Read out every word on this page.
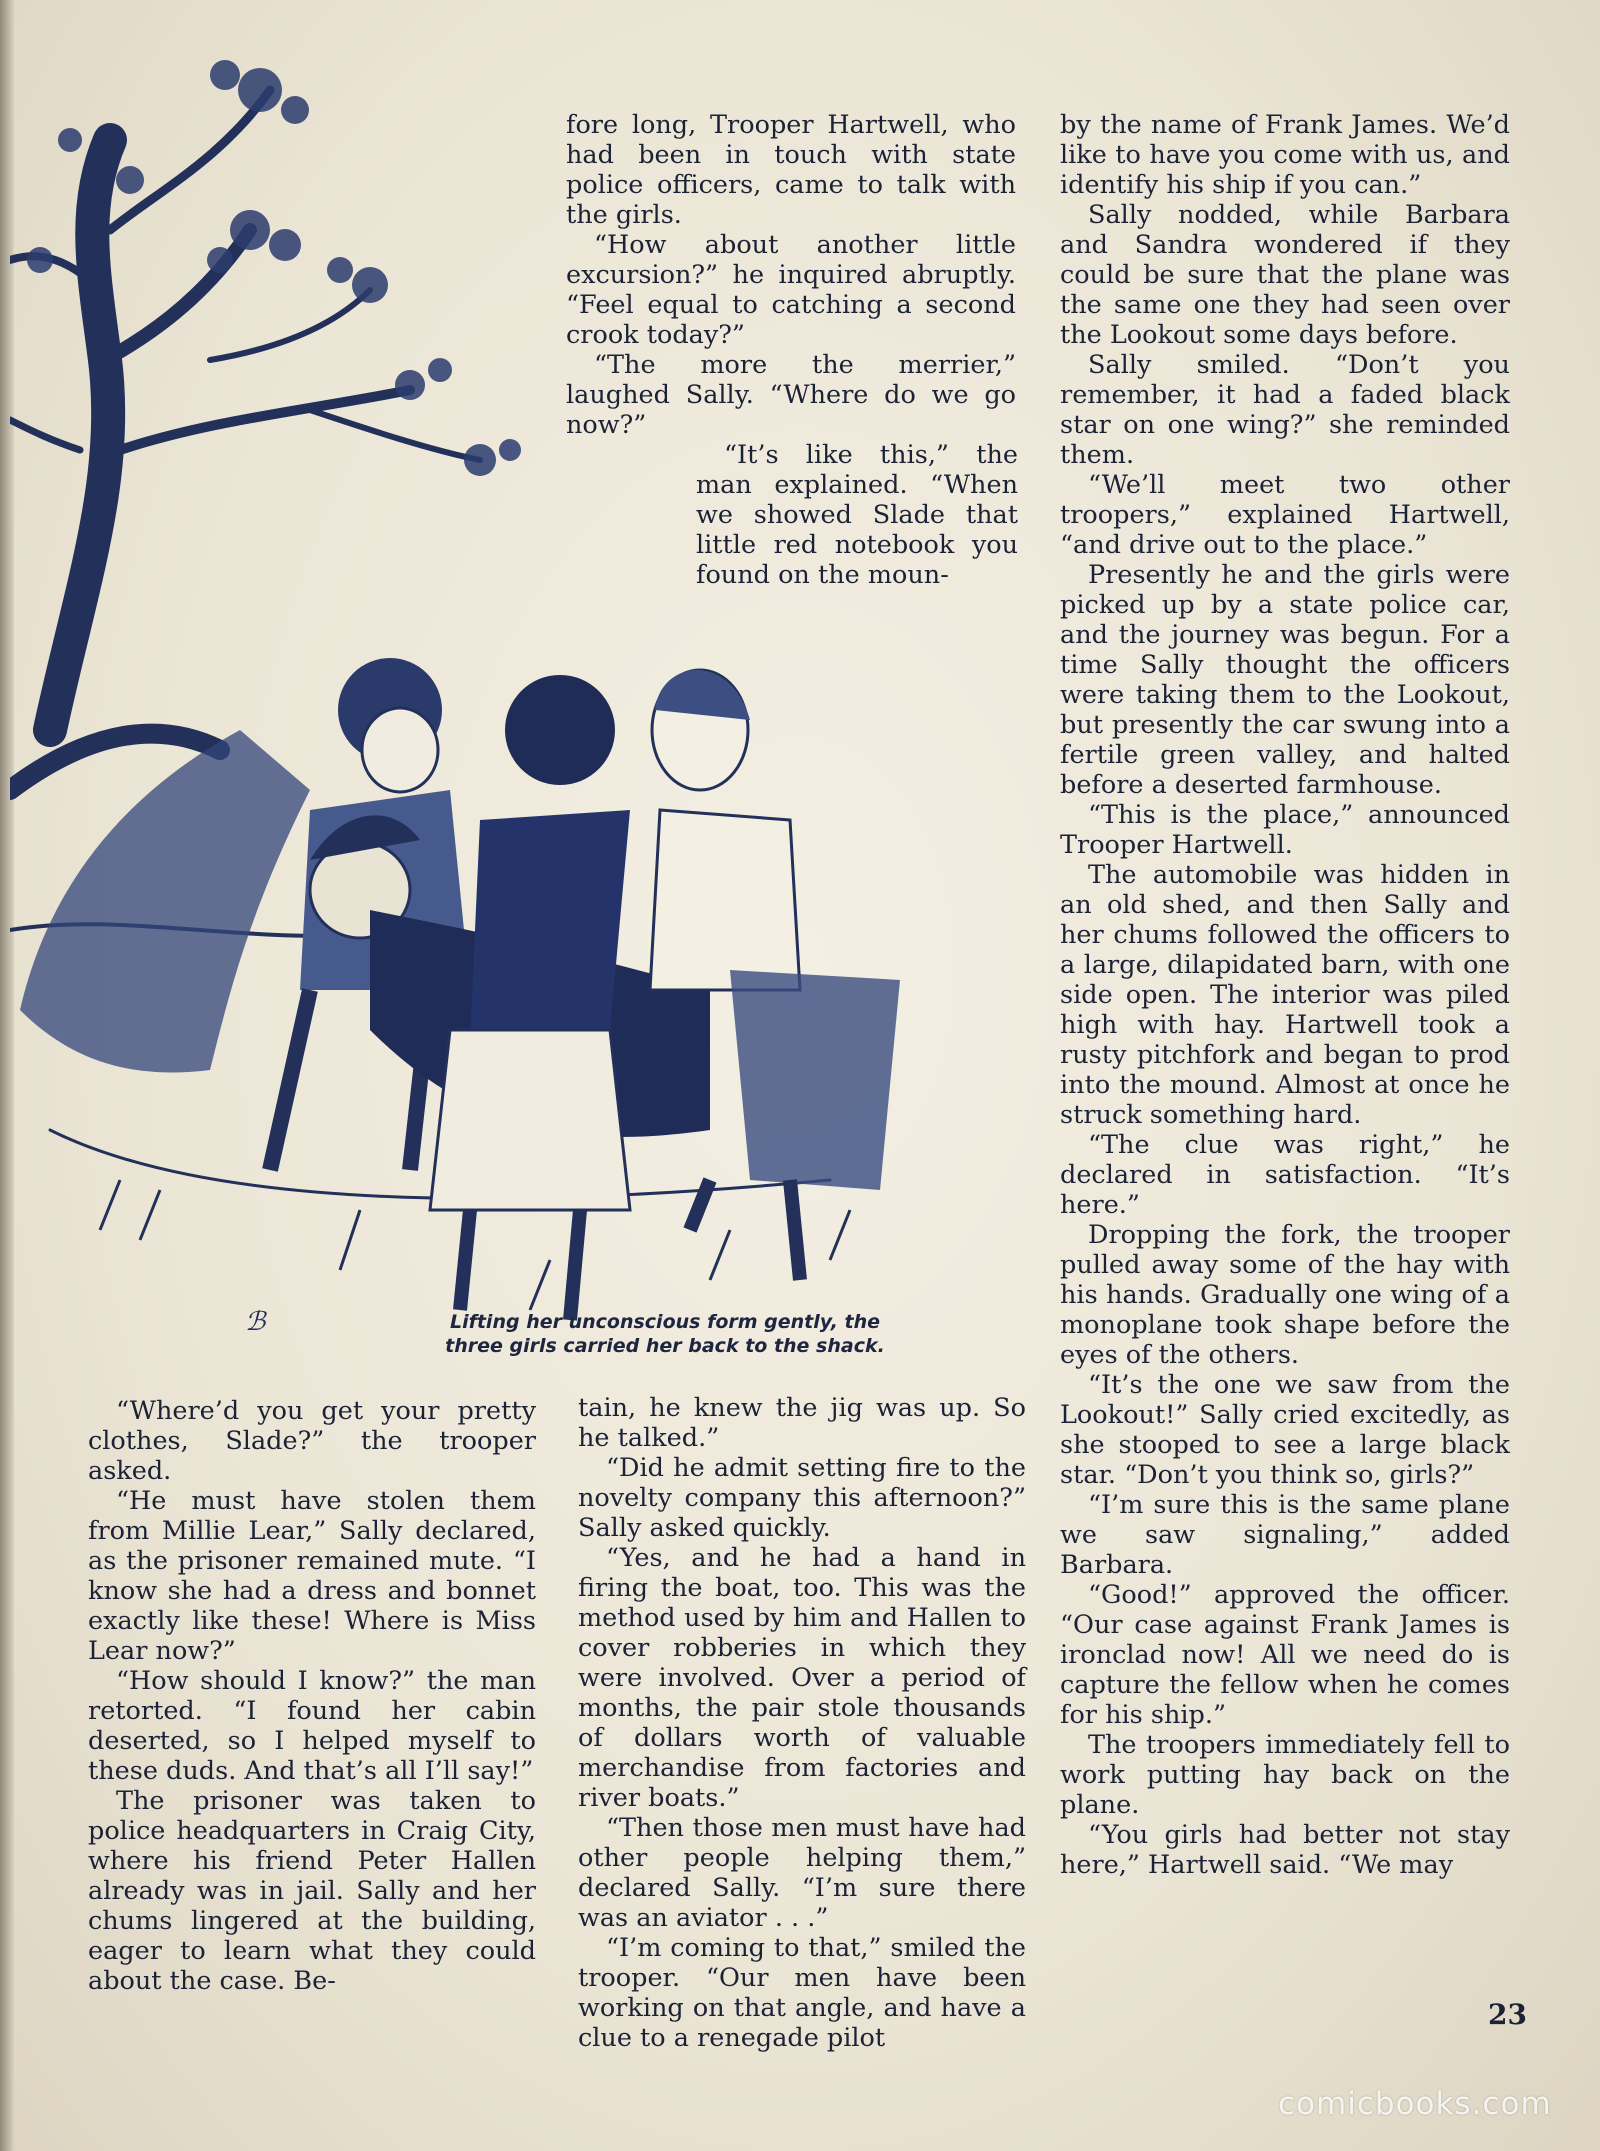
ℬ	Lifting her unconscious form gently, the
three girls carried her back to the shack.

fore long, Trooper Hartwell, who had been in touch with state police officers, came to talk with the girls.

“How about another little excursion?” he inquired abruptly. “Feel equal to catching a second crook today?”

“The more the merrier,” laughed Sally. “Where do we go now?”

“It’s like this,” the man explained. “When we showed Slade that little red notebook you found on the moun-

by the name of Frank James. We’d like to have you come with us, and identify his ship if you can.”

Sally nodded, while Barbara and Sandra wondered if they could be sure that the plane was the same one they had seen over the Lookout some days before.

Sally smiled. “Don’t you remember, it had a faded black star on one wing?” she reminded them.

“We’ll meet two other troopers,” explained Hartwell, “and drive out to the place.”

Presently he and the girls were picked up by a state police car, and the journey was begun. For a time Sally thought the officers were taking them to the Lookout, but presently the car swung into a fertile green valley, and halted before a deserted farmhouse.

“This is the place,” announced Trooper Hartwell.

The automobile was hidden in an old shed, and then Sally and her chums followed the officers to a large, dilapidated barn, with one side open. The interior was piled high with hay. Hartwell took a rusty pitchfork and began to prod into the mound. Almost at once he struck something hard.

“The clue was right,” he declared in satisfaction. “It’s here.”

Dropping the fork, the trooper pulled away some of the hay with his hands. Gradually one wing of a monoplane took shape before the eyes of the others.

“It’s the one we saw from the Lookout!” Sally cried excitedly, as she stooped to see a large black star. “Don’t you think so, girls?”

“I’m sure this is the same plane we saw signaling,” added Barbara.

“Good!” approved the officer. “Our case against Frank James is ironclad now! All we need do is capture the fellow when he comes for his ship.”

The troopers immediately fell to work putting hay back on the plane.

“You girls had better not stay here,” Hartwell said. “We may

“Where’d you get your pretty clothes, Slade?” the trooper asked.

“He must have stolen them from Millie Lear,” Sally declared, as the prisoner remained mute. “I know she had a dress and bonnet exactly like these! Where is Miss Lear now?”

“How should I know?” the man retorted. “I found her cabin deserted, so I helped myself to these duds. And that’s all I’ll say!”

The prisoner was taken to police headquarters in Craig City, where his friend Peter Hallen already was in jail. Sally and her chums lingered at the building, eager to learn what they could about the case. Be-

tain, he knew the jig was up. So he talked.”

“Did he admit setting fire to the novelty company this afternoon?” Sally asked quickly.

“Yes, and he had a hand in firing the boat, too. This was the method used by him and Hallen to cover robberies in which they were involved. Over a period of months, the pair stole thousands of dollars worth of valuable merchandise from factories and river boats.”

“Then those men must have had other people helping them,” declared Sally. “I’m sure there was an aviator . . .”

“I’m coming to that,” smiled the trooper. “Our men have been working on that angle, and have a clue to a renegade pilot

23
comicbooks.com
